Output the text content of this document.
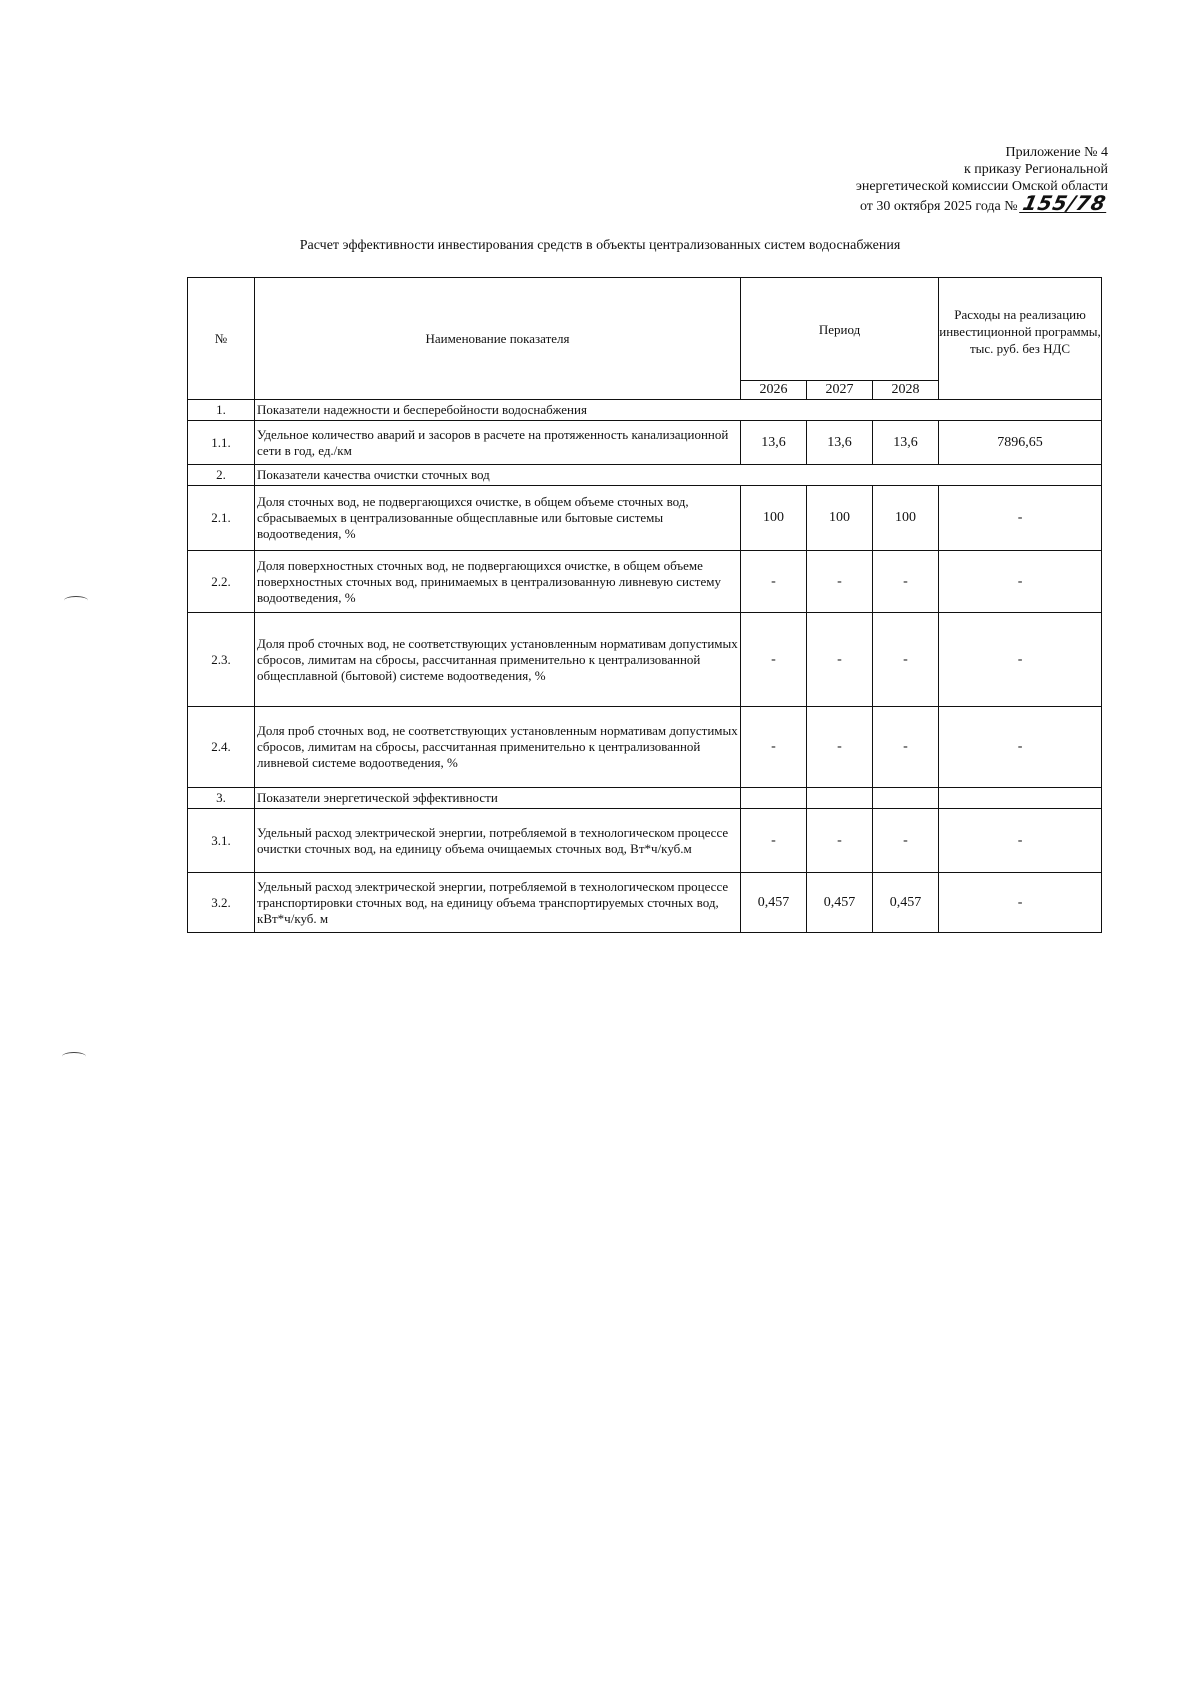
Приложение № 4
к приказу Региональной
энергетической комиссии Омской области
от 30 октября 2025 года № 155/78
Расчет эффективности инвестирования средств в объекты централизованных систем водоснабжения
№	Наименование показателя	Период			Расходы на реализацию инвестиционной программы, тыс. руб. без НДС
		2026	2027	2028	
1.	Показатели надежности и бесперебойности водоснабжения				
1.1.	Удельное количество аварий и засоров в расчете на протяженность канализационной сети в год, ед./км	13,6	13,6	13,6	7896,65
2.	Показатели качества очистки сточных вод				
2.1.	Доля сточных вод, не подвергающихся очистке, в общем объеме сточных вод, сбрасываемых в централизованные общесплавные или бытовые системы водоотведения, %	100	100	100	-
2.2.	Доля поверхностных сточных вод, не подвергающихся очистке, в общем объеме поверхностных сточных вод, принимаемых в централизованную ливневую систему водоотведения, %	-	-	-	-
2.3.	Доля проб сточных вод, не соответствующих установленным нормативам допустимых сбросов, лимитам на сбросы, рассчитанная применительно к централизованной общесплавной (бытовой) системе водоотведения, %	-	-	-	-
2.4.	Доля проб сточных вод, не соответствующих установленным нормативам допустимых сбросов, лимитам на сбросы, рассчитанная применительно к централизованной ливневой системе водоотведения, %	-	-	-	-
3.	Показатели энергетической эффективности				
3.1.	Удельный расход электрической энергии, потребляемой в технологическом процессе очистки сточных вод, на единицу объема очищаемых сточных вод, Вт*ч/куб.м	-	-	-	-
3.2.	Удельный расход электрической энергии, потребляемой в технологическом процессе транспортировки сточных вод, на единицу объема транспортируемых сточных вод, кВт*ч/куб. м	0,457	0,457	0,457	-
